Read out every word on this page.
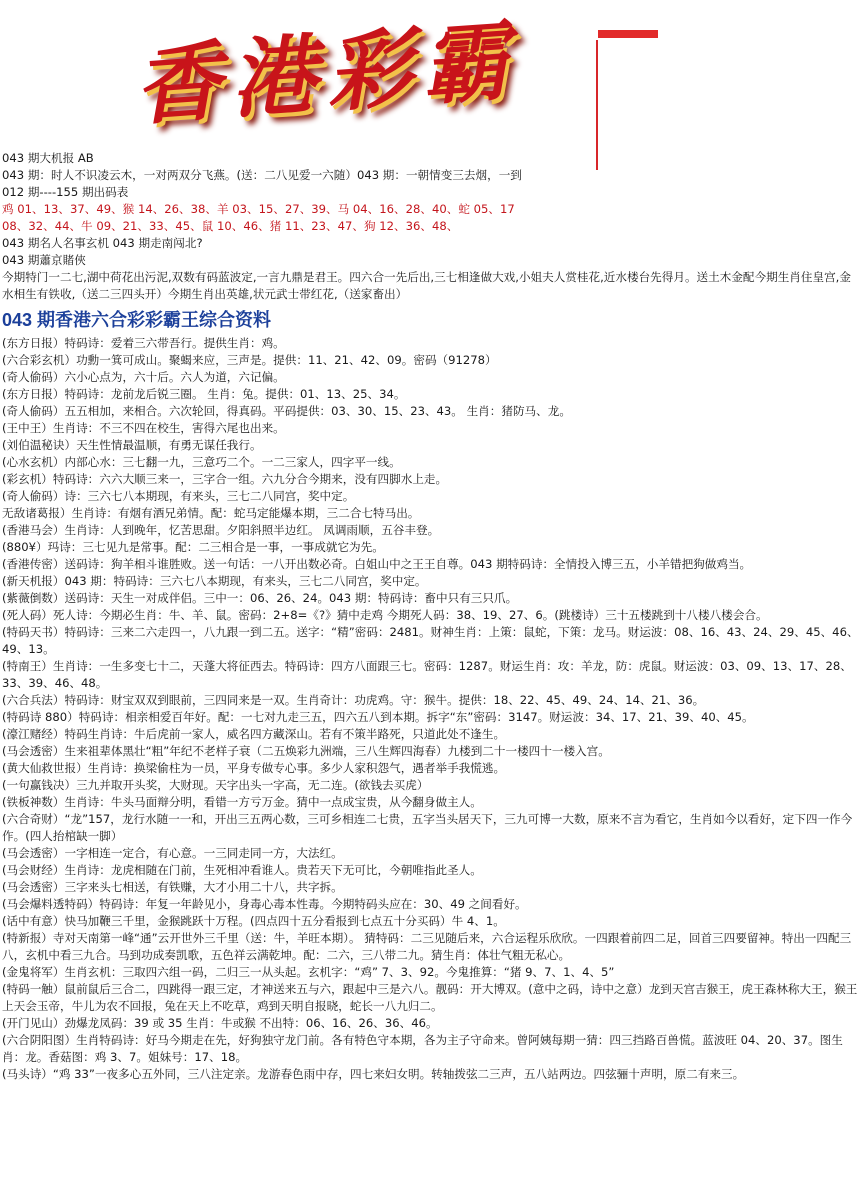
香港彩霸
043 期大机报 AB
043 期：时人不识凌云木，一对两双分飞燕。(送：二八见爱一六随）043 期：一朝情变三去烟，一到
012 期----155 期出码表
鸡 01、13、37、49、猴 14、26、38、羊 03、15、27、39、马 04、16、28、40、蛇 05、17
08、32、44、牛 09、21、33、45、鼠 10、46、猪 11、23、47、狗 12、36、48、
043 期名人名事玄机 043 期走南闯北?
043 期蕭京賭俠
今期特门一二七,湖中荷花出污泥,双数有码蓝波定,一言九鼎是君王。四六合一先后出,三七相逢做大戏,小姐夫人赏桂花,近水楼台先得月。送土木金配今期生肖住皇宫,金水相生有铁收,（送二三四头开）今期生肖出英雄,状元武士带红花,（送家畜出）
043 期香港六合彩彩霸王综合资料
(东方日报）特码诗：爱着三六带吾行。提供生肖：鸡。
(六合彩玄机）功勳一箕可成山。聚蝎来应，三声是。提供：11、21、42、09。密码（91278）
(奇人偷码）六小心点为，六十后。六人为道，六记偏。
(东方日报）特码诗：龙前龙后锐三圈。 生肖：兔。提供：01、13、25、34。
(奇人偷码）五五相加，来相合。六次轮回，得真码。平码提供：03、30、15、23、43。 生肖：猪防马、龙。
(王中王）生肖诗：不三不四在校生，害得六尾也出来。
(刘伯温秘诀）天生性情最温顺，有勇无谋任我行。
(心水玄机）内部心水：三七翻一九，三意巧二个。一二三家人，四字平一线。
(彩玄机）特码诗：六六大顺三来一，三字合一组。六九分合今期来，没有四脚水上走。
(奇人偷码）诗：三六七八本期现，有来头，三七二八同宫，奖中定。
无敌诸葛报）生肖诗：有烟有酒兄弟情。配：蛇马定能爆本期，三二合七特马出。
(香港马会）生肖诗：人到晚年，忆苦思甜。夕阳斜照半边红。 凤调雨顺，五谷丰登。
(880¥）玛诗：三七见九是常事。配：二三相合是一事，一事成就它为先。
(香港传密）送码诗：狗羊相斗谁胜败。送一句话：一八开出数必奇。白姐山中之王王自尊。043 期特码诗：全情投入博三五，小羊错把狗做鸡当。
(新天机报）043 期：特码诗：三六七八本期现，有来头，三七二八同宫，奖中定。
(紫薇倒数）送码诗：天生一对成伴侣。三中一：06、26、24。043 期：特码诗：畜中只有三只爪。
(死人码）死人诗：今期必生肖：牛、羊、鼠。密码：2+8=《?》猜中走鸡 今期死人码：38、19、27、6。(跳楼诗）三十五楼跳到十八楼八楼会合。
(特码天书）特码诗：三来二六走四一，八九跟一到二五。送字：“精”密码：2481。财神生肖：上策：鼠蛇，下策：龙马。财运波：08、16、43、24、29、45、46、49、13。
(特南王）生肖诗：一生多变七十二，天蓬大将征西去。特码诗：四方八面跟三七。密码：1287。财运生肖：攻：羊龙，防：虎鼠。财运波：03、09、13、17、28、33、39、46、48。
(六合兵法）特码诗：财宝双双到眼前，三四同来是一双。生肖奇计：功虎鸡。守：猴牛。提供：18、22、45、49、24、14、21、36。
(特码诗 880）特码诗：相亲相爱百年好。配：一七对九走三五，四六五八到本期。拆字“东”密码：3147。财运波：34、17、21、39、40、45。
(濠江赌经）特码生肖诗：牛后虎前一家人，威名四方藏深山。若有不策半路死，只道此处不逢生。
(马会透密）生来祖辈体黑壮“粗”年纪不老样子衰（二五焕彩九洲端，三八生辉四海春）九楼到二十一楼四十一楼入宫。
(黄大仙救世报）生肖诗：换梁偷柱为一员，平身专做专心事。多少人家积怨气，遇者举手我慌逃。
(一句赢钱决）三九并取开头奖，大财现。天字出头一字高，无二连。(欲钱去买虎）
(铁板神数）生肖诗：牛头马面辩分明，看错一方亏万金。猜中一点成宝贵，从今翻身做主人。
(六合奇财）“龙”157，龙行水随一一和，开出三五两心数，三可乡相连二七贵，五字当头居天下，三九可博一大数，原来不言为看它，生肖如今以看好，定下四一作今作。(四人抬棺缺一脚）
(马会透密）一字相连一定合，有心意。一三同走同一方，大法红。
(马会财经）生肖诗：龙虎相随在门前，生死相冲看谁人。贵若天下无可比，今朝唯指此圣人。
(马会透密）三字来头七相送，有铁赚，大才小用二十八，共字拆。
(马会爆料透特码）特码诗：年复一年龄见小，身毒心毒本性毒。今期特码头应在：30、49 之间看好。
(话中有意）快马加鞭三千里，金猴跳跃十万程。(四点四十五分看报到七点五十分买码）牛 4、1。
(特新报）寺对天南第一峰“通”云开世外三千里（送：牛，羊旺本期）。 猜特码：二三见随后来，六合运程乐欣欣。一四跟着前四二足，回首三四要留神。特出一四配三八，玄机中看三九合。马到功成奏凯歌，五色祥云满乾坤。配：二六，三八带二九。猜生肖：体壮气粗无私心。
(金鬼将军）生肖玄机：三取四六组一码，二归三一从头起。玄机字：“鸡” 7、3、92。今鬼推算：“猪 9、7、1、4、5”
(特码一触）鼠前鼠后三合二，四跳得一跟三定，才神送来五与六，跟起中三是六八。靓码：开大博双。(意中之码，诗中之意）龙到天宫吉猴王，虎王森林称大王，猴王上天会玉帝，牛儿为农不回报，兔在天上不吃草，鸡到天明自报晓，蛇长一八九归二。
(开门见山）劲爆龙凤码：39 或 35 生肖：牛或猴 不出特：06、16、26、36、46。
(六合阴阳图）生肖特码诗：好马今期走在先，好狗独守龙门前。各有特色守本期，各为主子守命来。曾阿姨每期一猜：四三挡路百兽慌。蓝波旺 04、20、37。图生肖：龙。香菇图：鸡 3、7。姐妹号：17、18。
(马头诗）“鸡 33”一夜多心五外同，三八注定亲。龙游春色雨中存，四七来妇女明。转轴拨弦二三声，五八站两边。四弦骊十声明，原二有来三。
